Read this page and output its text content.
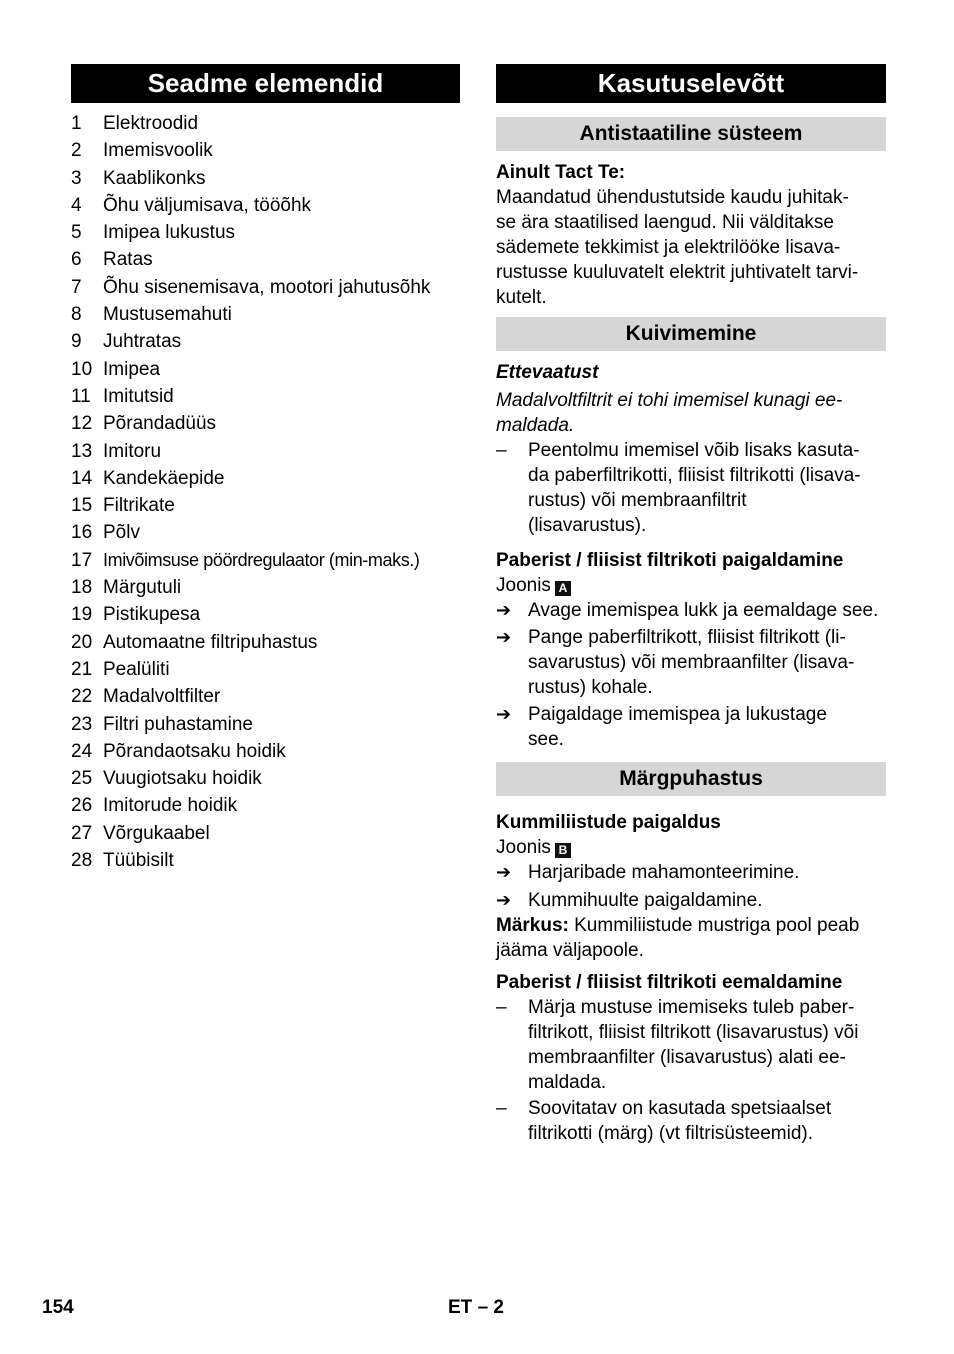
Seadme elemendid
1	Elektroodid
2	Imemisvoolik
3	Kaablikonks
4	Õhu väljumisava, tööõhk
5	Imipea lukustus
6	Ratas
7	Õhu sisenemisava, mootori jahutusõhk
8	Mustusemahuti
9	Juhtratas
10 Imipea
11 Imitutsid
12 Põrandadüüs
13 Imitoru
14 Kandekäepide
15 Filtrikate
16 Põlv
17 Imivõimsuse pöördregulaator (min-maks.)
18 Märgutuli
19 Pistikupesa
20 Automaatne filtripuhastus
21 Pealüliti
22 Madalvoltfilter
23 Filtri puhastamine
24 Põrandaotsaku hoidik
25 Vuugiotsaku hoidik
26 Imitorude hoidik
27 Võrgukaabel
28 Tüübisilt
Kasutuselevõtt
Antistaatiline süsteem

Ainult Tact Te:

Maandatud ühendustutside kaudu juhitak-
se ära staatilised laengud. Nii välditakse
sädemete tekkimist ja elektrilööke lisava-
rustusse kuuluvatelt elektrit juhtivatelt tarvi-
kutelt.
Kuivimemine

Ettevaatust

Madalvoltfiltrit ei tohi imemisel kunagi ee-
maldada.
–	Peentolmu imemisel võib lisaks kasuta-
da paberfiltrikotti, fliisist filtrikotti (lisava-
rustus) või membraanfiltrit
(lisavarustus).

Paberist / fliisist filtrikoti paigaldamine

Joonis A

➔ Avage imemispea lukk ja eemaldage see.
➔ Pange paberfiltrikott, fliisist filtrikott (li-
savarustus) või membraanfilter (lisava-
rustus) kohale.
➔ Paigaldage imemispea ja lukustage
see.
Märgpuhastus

Kummiliistude paigaldus

Joonis B

➔ Harjaribade mahamonteerimine.
➔ Kummihuulte paigaldamine.

Märkus: Kummiliistude mustriga pool peab
jääma väljapoole.

Paberist / fliisist filtrikoti eemaldamine

–	Märja mustuse imemiseks tuleb paber-
filtrikott, fliisist filtrikott (lisavarustus) või
membraanfilter (lisavarustus) alati ee-
maldada.
–	Soovitatav on kasutada spetsiaalset
filtrikotti (märg) (vt filtrisüsteemid).
154	ET – 2
